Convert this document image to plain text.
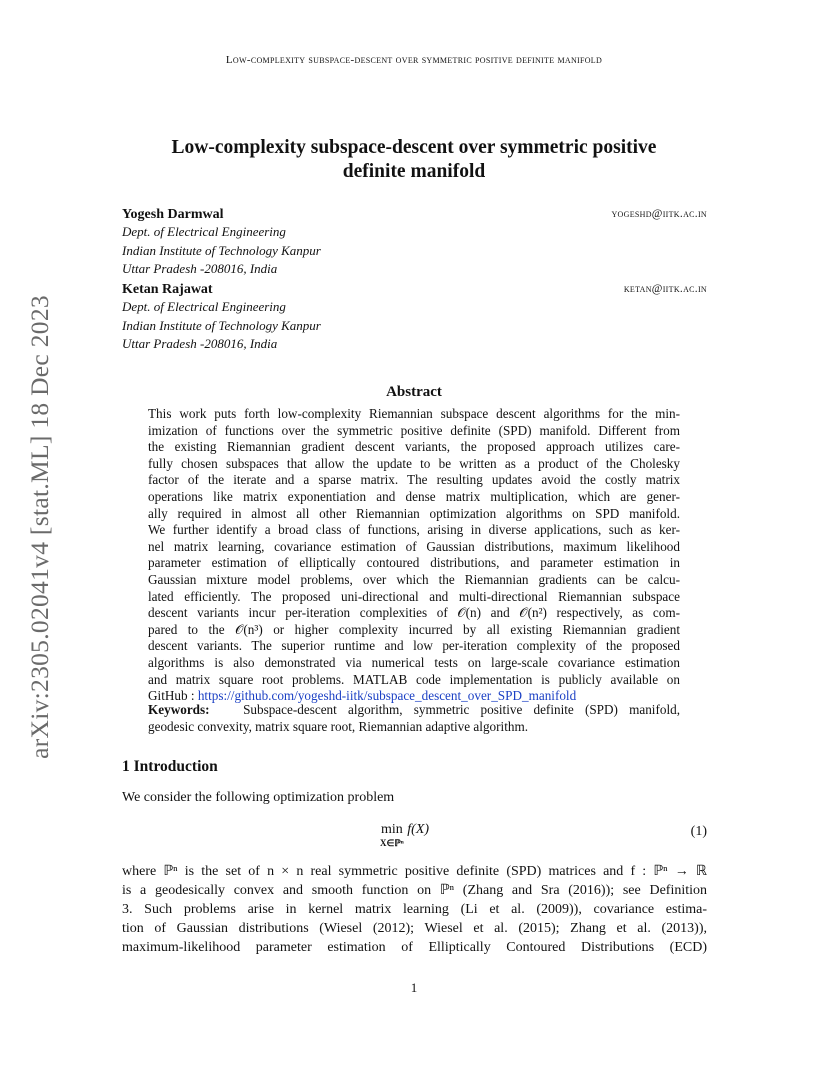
Low-complexity subspace-descent over symmetric positive definite manifold
arXiv:2305.02041v4 [stat.ML] 18 Dec 2023
Low-complexity subspace-descent over symmetric positive
definite manifold
Yogesh Darmwal	yogeshd@iitk.ac.in
Dept. of Electrical Engineering
Indian Institute of Technology Kanpur
Uttar Pradesh -208016, India
Ketan Rajawat	ketan@iitk.ac.in
Dept. of Electrical Engineering
Indian Institute of Technology Kanpur
Uttar Pradesh -208016, India
Abstract
This work puts forth low-complexity Riemannian subspace descent algorithms for the min-
imization of functions over the symmetric positive definite (SPD) manifold. Different from
the existing Riemannian gradient descent variants, the proposed approach utilizes care-
fully chosen subspaces that allow the update to be written as a product of the Cholesky
factor of the iterate and a sparse matrix. The resulting updates avoid the costly matrix
operations like matrix exponentiation and dense matrix multiplication, which are gener-
ally required in almost all other Riemannian optimization algorithms on SPD manifold.
We further identify a broad class of functions, arising in diverse applications, such as ker-
nel matrix learning, covariance estimation of Gaussian distributions, maximum likelihood
parameter estimation of elliptically contoured distributions, and parameter estimation in
Gaussian mixture model problems, over which the Riemannian gradients can be calcu-
lated efficiently. The proposed uni-directional and multi-directional Riemannian subspace
descent variants incur per-iteration complexities of 𝒪(n) and 𝒪(n²) respectively, as com-
pared to the 𝒪(n³) or higher complexity incurred by all existing Riemannian gradient
descent variants. The superior runtime and low per-iteration complexity of the proposed
algorithms is also demonstrated via numerical tests on large-scale covariance estimation
and matrix square root problems. MATLAB code implementation is publicly available on
GitHub : https://github.com/yogeshd-iitk/subspace_descent_over_SPD_manifold
Keywords:	Subspace-descent algorithm, symmetric positive definite (SPD) manifold,
geodesic convexity, matrix square root, Riemannian adaptive algorithm.
1 Introduction
We consider the following optimization problem
min
X∈ℙⁿ
f(X)	(1)
where ℙⁿ is the set of n × n real symmetric positive definite (SPD) matrices and f : ℙⁿ → ℝ
is a geodesically convex and smooth function on ℙⁿ (Zhang and Sra (2016)); see Definition
3. Such problems arise in kernel matrix learning (Li et al. (2009)), covariance estima-
tion of Gaussian distributions (Wiesel (2012); Wiesel et al. (2015); Zhang et al. (2013)),
maximum-likelihood parameter estimation of Elliptically Contoured Distributions (ECD)
1
